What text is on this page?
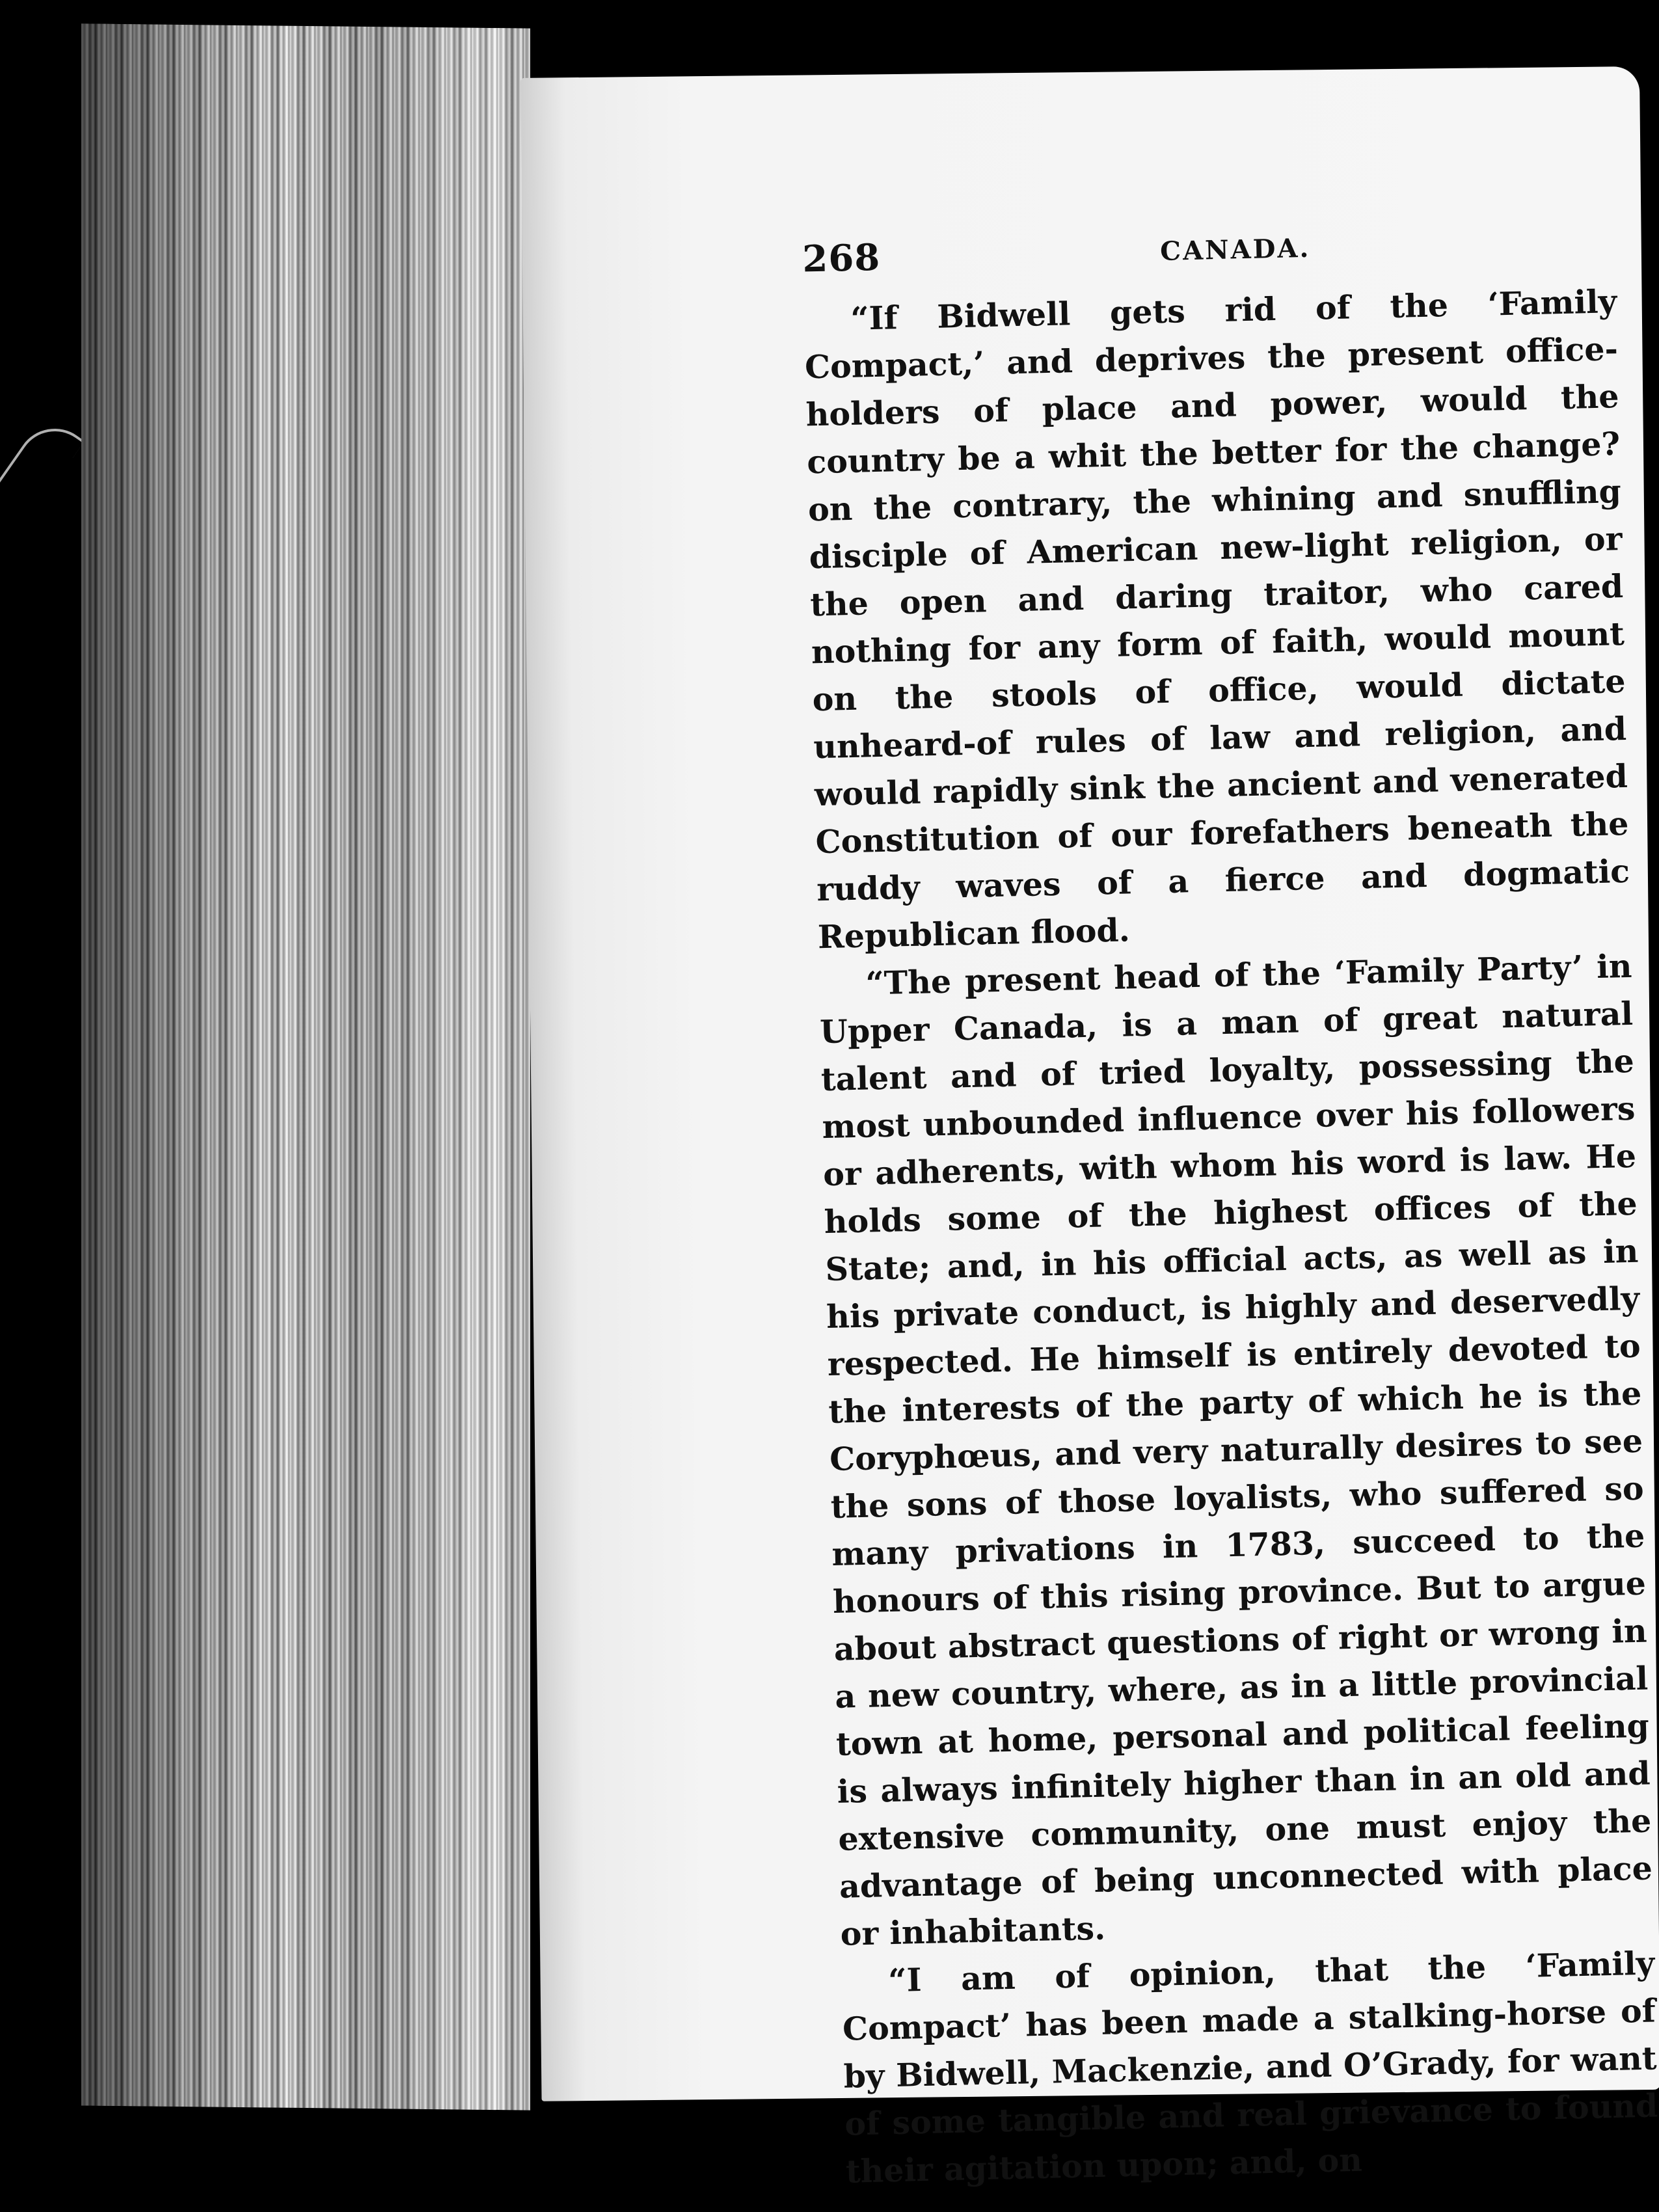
268	CANADA.

“If Bidwell gets rid of the ‘Family Compact,’ and deprives the present office-holders of place and power, would the country be a whit the better for the change? on the contrary, the whining and snuffling disciple of American new-light religion, or the open and daring traitor, who cared nothing for any form of faith, would mount on the stools of office, would dictate unheard-of rules of law and religion, and would rapidly sink the ancient and venerated Constitution of our forefathers beneath the ruddy waves of a fierce and dogmatic Republican flood.

“The present head of the ‘Family Party’ in Upper Canada, is a man of great natural talent and of tried loyalty, possessing the most unbounded influence over his followers or adherents, with whom his word is law. He holds some of the highest offices of the State; and, in his official acts, as well as in his private conduct, is highly and deservedly respected. He himself is entirely devoted to the interests of the party of which he is the Coryphœus, and very naturally desires to see the sons of those loyalists, who suffered so many privations in 1783, succeed to the honours of this rising province. But to argue about abstract questions of right or wrong in a new country, where, as in a little provincial town at home, personal and political feeling is always infinitely higher than in an old and extensive community, one must enjoy the advantage of being unconnected with place or inhabitants.

“I am of opinion, that the ‘Family Compact’ has been made a stalking-horse of by Bidwell, Mackenzie, and O’Grady, for want of some tangible and real grievance to found their agitation upon; and, on
